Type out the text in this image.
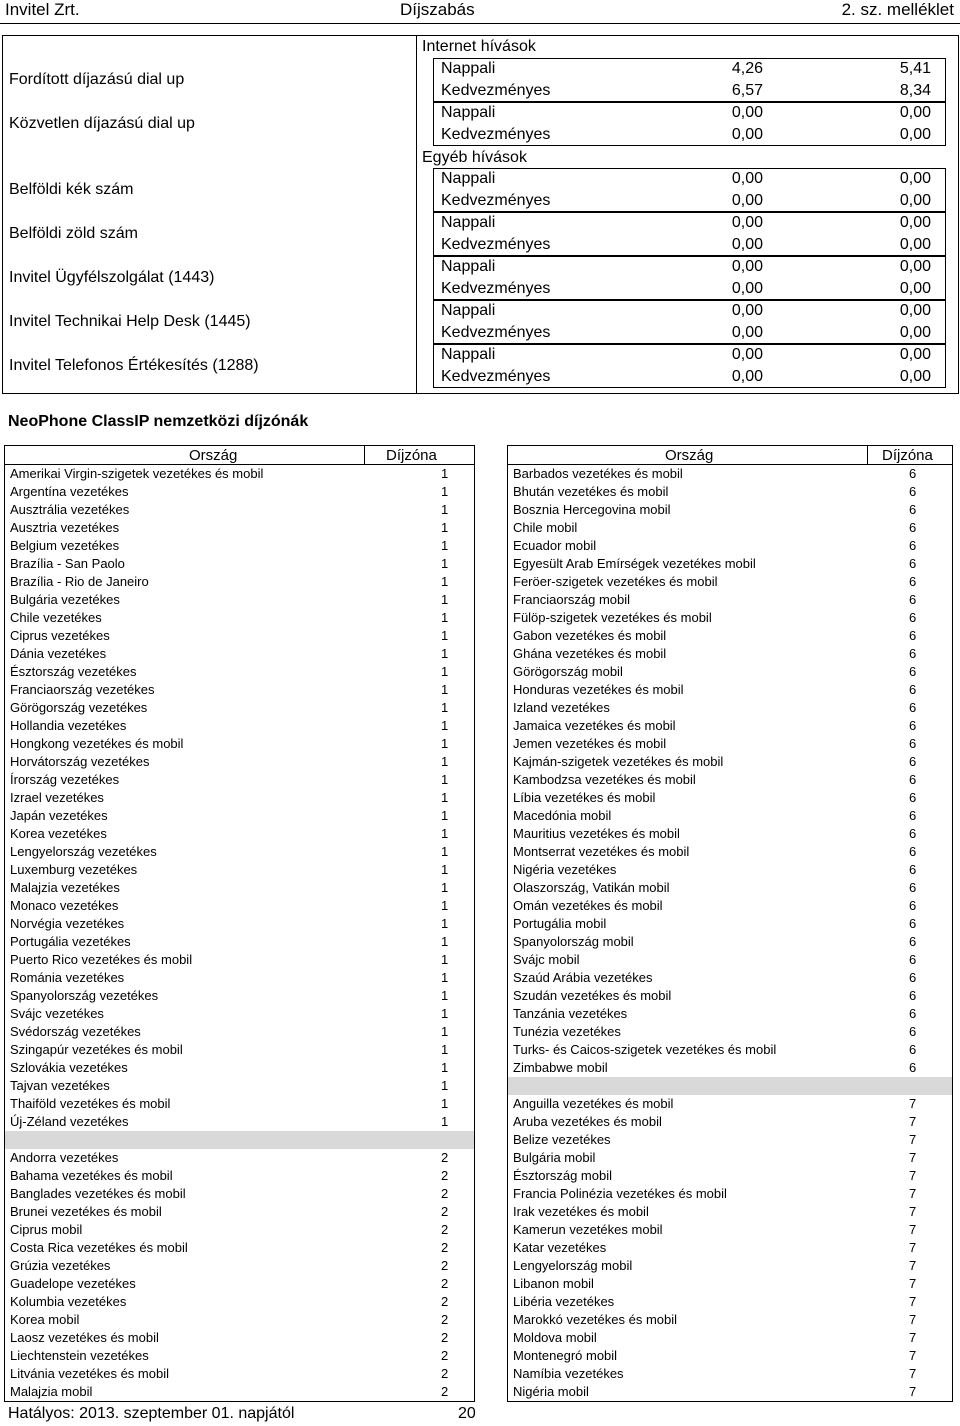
Invitel Zrt.	Díjszabás	2. sz. melléklet
Internet hívások
Egyéb hívások
Fordított díjazású dial up
Nappali	4,26	5,41
Kedvezményes	6,57	8,34
Közvetlen díjazású dial up
Nappali	0,00	0,00
Kedvezményes	0,00	0,00
Belföldi kék szám
Nappali	0,00	0,00
Kedvezményes	0,00	0,00
Belföldi zöld szám
Nappali	0,00	0,00
Kedvezményes	0,00	0,00
Invitel Ügyfélszolgálat (1443)
Nappali	0,00	0,00
Kedvezményes	0,00	0,00
Invitel Technikai Help Desk (1445)
Nappali	0,00	0,00
Kedvezményes	0,00	0,00
Invitel Telefonos Értékesítés (1288)
Nappali	0,00	0,00
Kedvezményes	0,00	0,00
NeoPhone ClassIP nemzetközi díjzónák
Ország	Díjzóna
Amerikai Virgin-szigetek vezetékes és mobil	1
Argentína vezetékes	1
Ausztrália vezetékes	1
Ausztria vezetékes	1
Belgium vezetékes	1
Brazília - San Paolo	1
Brazília - Rio de Janeiro	1
Bulgária vezetékes	1
Chile vezetékes	1
Ciprus vezetékes	1
Dánia vezetékes	1
Észtország vezetékes	1
Franciaország vezetékes	1
Görögország vezetékes	1
Hollandia vezetékes	1
Hongkong vezetékes és mobil	1
Horvátország vezetékes	1
Írország vezetékes	1
Izrael vezetékes	1
Japán vezetékes	1
Korea vezetékes	1
Lengyelország vezetékes	1
Luxemburg vezetékes	1
Malajzia vezetékes	1
Monaco vezetékes	1
Norvégia vezetékes	1
Portugália vezetékes	1
Puerto Rico vezetékes és mobil	1
Románia vezetékes	1
Spanyolország vezetékes	1
Svájc vezetékes	1
Svédország vezetékes	1
Szingapúr vezetékes és mobil	1
Szlovákia vezetékes	1
Tajvan vezetékes	1
Thaiföld vezetékes és mobil	1
Új-Zéland vezetékes	1
Andorra vezetékes	2
Bahama vezetékes és mobil	2
Banglades vezetékes és mobil	2
Brunei vezetékes és mobil	2
Ciprus mobil	2
Costa Rica vezetékes és mobil	2
Grúzia vezetékes	2
Guadelope vezetékes	2
Kolumbia vezetékes	2
Korea mobil	2
Laosz vezetékes és mobil	2
Liechtenstein vezetékes	2
Litvánia vezetékes és mobil	2
Malajzia mobil	2
Ország	Díjzóna
Barbados vezetékes és mobil	6
Bhután vezetékes és mobil	6
Bosznia Hercegovina mobil	6
Chile mobil	6
Ecuador mobil	6
Egyesült Arab Emírségek vezetékes mobil	6
Feröer-szigetek vezetékes és mobil	6
Franciaország mobil	6
Fülöp-szigetek vezetékes és mobil	6
Gabon vezetékes és mobil	6
Ghána vezetékes és mobil	6
Görögország mobil	6
Honduras vezetékes és mobil	6
Izland vezetékes	6
Jamaica vezetékes és mobil	6
Jemen vezetékes és mobil	6
Kajmán-szigetek vezetékes és mobil	6
Kambodzsa vezetékes és mobil	6
Líbia vezetékes és mobil	6
Macedónia mobil	6
Mauritius vezetékes és mobil	6
Montserrat vezetékes és mobil	6
Nigéria vezetékes	6
Olaszország, Vatikán mobil	6
Omán vezetékes és mobil	6
Portugália mobil	6
Spanyolország mobil	6
Svájc mobil	6
Szaúd Arábia vezetékes	6
Szudán vezetékes és mobil	6
Tanzánia vezetékes	6
Tunézia vezetékes	6
Turks- és Caicos-szigetek vezetékes és mobil	6
Zimbabwe mobil	6
Anguilla vezetékes és mobil	7
Aruba vezetékes és mobil	7
Belize vezetékes	7
Bulgária mobil	7
Észtország mobil	7
Francia Polinézia vezetékes és mobil	7
Irak vezetékes és mobil	7
Kamerun vezetékes mobil	7
Katar vezetékes	7
Lengyelország mobil	7
Libanon mobil	7
Libéria vezetékes	7
Marokkó vezetékes és mobil	7
Moldova mobil	7
Montenegró mobil	7
Namíbia vezetékes	7
Nigéria mobil	7
Hatályos: 2013. szeptember 01. napjától	20
